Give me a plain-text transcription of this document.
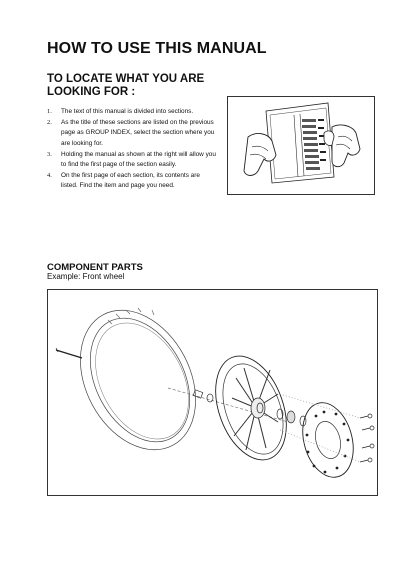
HOW TO USE THIS MANUAL
TO LOCATE WHAT YOU ARE LOOKING FOR :
1. The text of this manual is divided into sections.
2. As the title of these sections are listed on the previous page as GROUP INDEX, select the section where you are looking for.
3. Holding the manual as shown at the right will allow you to find the first page of the section easily.
4. On the first page of each section, its contents are listed. Find the item and page you need.
COMPONENT PARTS

Example: Front wheel
